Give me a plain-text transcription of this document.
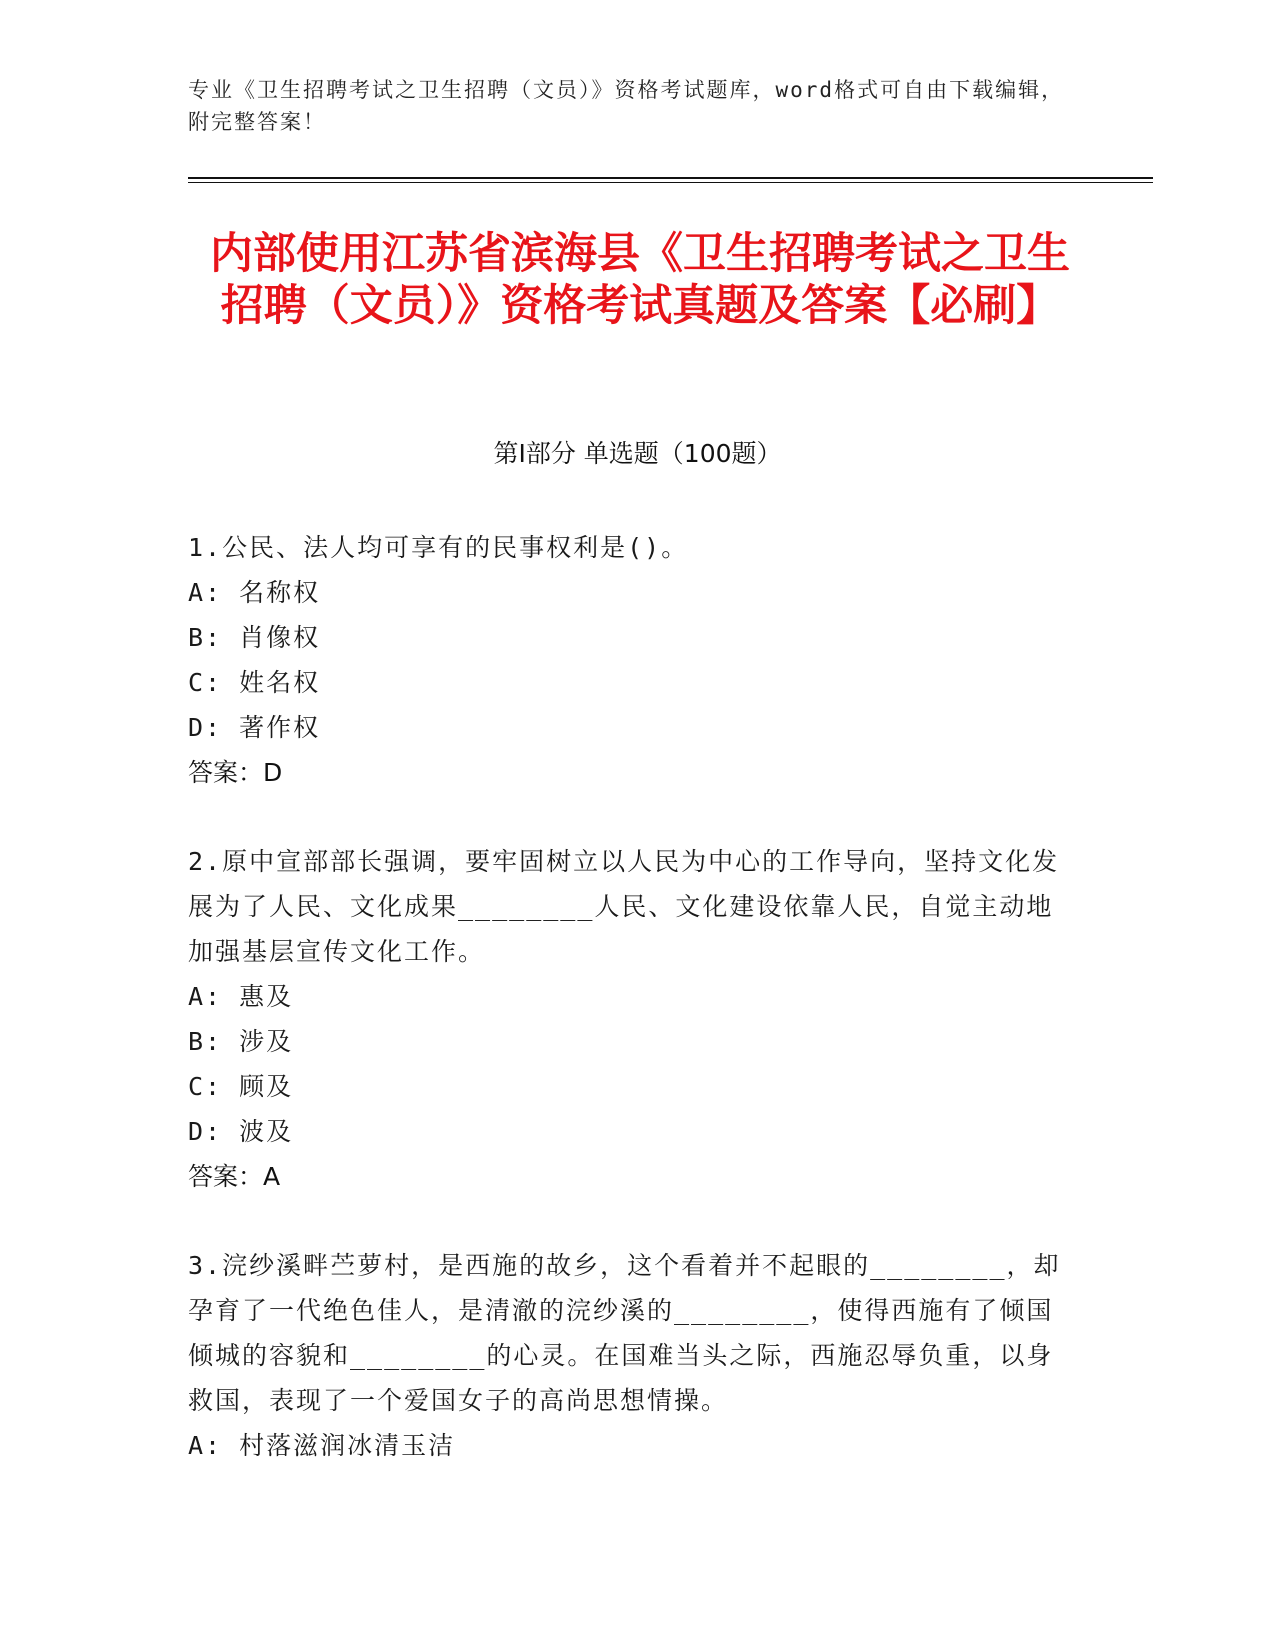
专业《卫生招聘考试之卫生招聘（文员）》资格考试题库，word格式可自由下载编辑，附完整答案！
内部使用江苏省滨海县《卫生招聘考试之卫生招聘（文员）》资格考试真题及答案【必刷】
第Ⅰ部分 单选题（100题）

1.公民、法人均可享有的民事权利是()。

A: 名称权
B: 肖像权
C: 姓名权
D: 著作权
答案：D

2.原中宣部部长强调，要牢固树立以人民为中心的工作导向，坚持文化发展为了人民、文化成果________人民、文化建设依靠人民，自觉主动地加强基层宣传文化工作。

A: 惠及
B: 涉及
C: 顾及
D: 波及
答案：A

3.浣纱溪畔苎萝村，是西施的故乡，这个看着并不起眼的________，却孕育了一代绝色佳人，是清澈的浣纱溪的________，使得西施有了倾国倾城的容貌和________的心灵。在国难当头之际，西施忍辱负重，以身救国，表现了一个爱国女子的高尚思想情操。

A: 村落滋润冰清玉洁
